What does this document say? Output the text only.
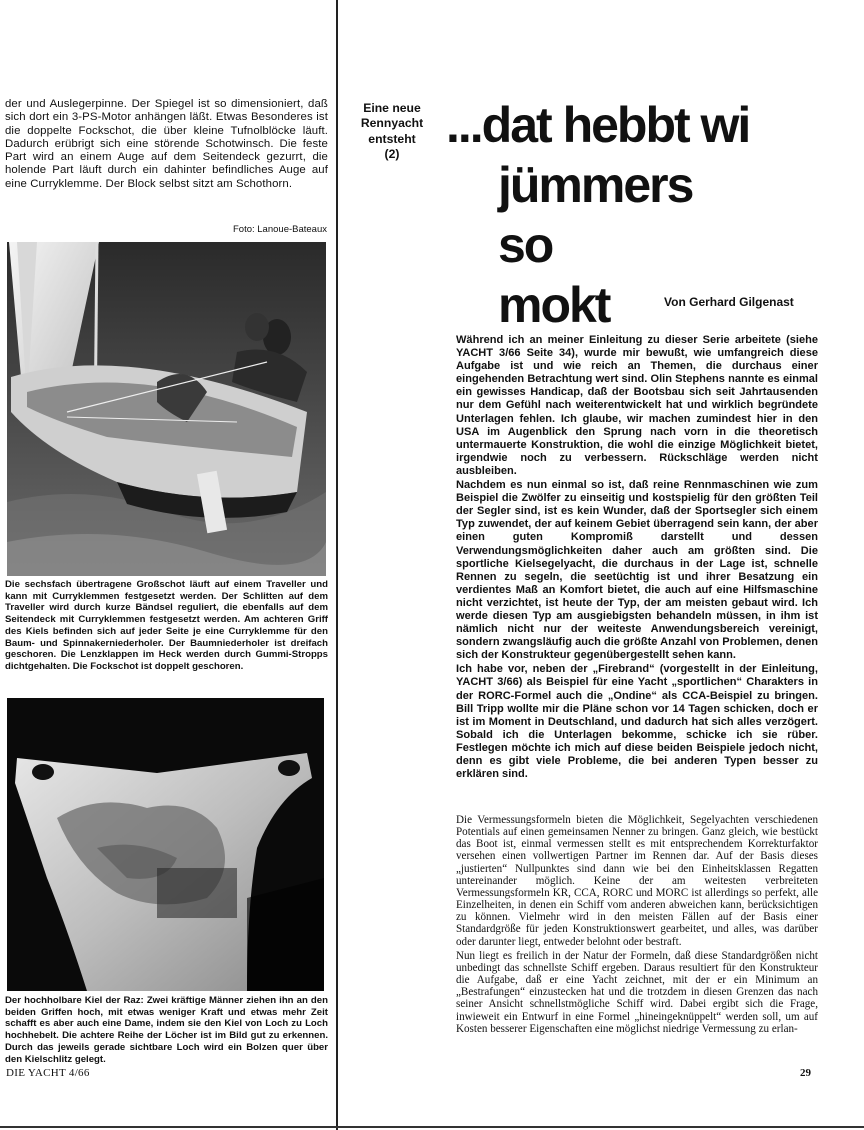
der und Auslegerpinne. Der Spiegel ist so dimensioniert, daß sich dort ein 3-PS-Motor anhängen läßt. Etwas Besonderes ist die doppelte Fockschot, die über kleine Tufnolblöcke läuft. Dadurch erübrigt sich eine störende Schotwinsch. Die feste Part wird an einem Auge auf dem Seitendeck gezurrt, die holende Part läuft durch ein dahinter befindliches Auge auf eine Curryklemme. Der Block selbst sitzt am Schothorn.
Foto: Lanoue-Bateaux
Die sechsfach übertragene Großschot läuft auf einem Traveller und kann mit Curryklemmen festgesetzt werden. Der Schlitten auf dem Traveller wird durch kurze Bändsel reguliert, die ebenfalls auf dem Seitendeck mit Curryklemmen festgesetzt werden. Am achteren Griff des Kiels befinden sich auf jeder Seite je eine Curryklemme für den Baum- und Spinnakerniederholer. Der Baumniederholer ist dreifach geschoren. Die Lenzklappen im Heck werden durch Gummi-Stropps dichtgehalten. Die Fockschot ist doppelt geschoren.
Der hochholbare Kiel der Raz: Zwei kräftige Männer ziehen ihn an den beiden Griffen hoch, mit etwas weniger Kraft und etwas mehr Zeit schafft es aber auch eine Dame, indem sie den Kiel von Loch zu Loch hochhebelt. Die achtere Reihe der Löcher ist im Bild gut zu erkennen. Durch das jeweils gerade sichtbare Loch wird ein Bolzen quer über den Kielschlitz gelegt.
DIE YACHT 4/66	29
Eine neue
Rennyacht
entsteht
(2)
...dat hebbt wi
jümmers
so
mokt	Von Gerhard Gilgenast

Während ich an meiner Einleitung zu dieser Serie arbeitete (siehe YACHT 3/66 Seite 34), wurde mir bewußt, wie umfangreich diese Aufgabe ist und wie reich an Themen, die durchaus einer eingehenden Betrachtung wert sind. Olin Stephens nannte es einmal ein gewisses Handicap, daß der Bootsbau sich seit Jahrtausenden nur dem Gefühl nach weiterentwickelt hat und wirklich begründete Unterlagen fehlen. Ich glaube, wir machen zumindest hier in den USA im Augenblick den Sprung nach vorn in die theoretisch untermauerte Konstruktion, die wohl die einzige Möglichkeit bietet, irgendwie noch zu verbessern. Rückschläge werden nicht ausbleiben.

Nachdem es nun einmal so ist, daß reine Rennmaschinen wie zum Beispiel die Zwölfer zu einseitig und kostspielig für den größten Teil der Segler sind, ist es kein Wunder, daß der Sportsegler sich einem Typ zuwendet, der auf keinem Gebiet überragend sein kann, der aber einen guten Kompromiß darstellt und dessen Verwendungsmöglichkeiten daher auch am größten sind. Die sportliche Kielsegelyacht, die durchaus in der Lage ist, schnelle Rennen zu segeln, die seetüchtig ist und ihrer Besatzung ein verdientes Maß an Komfort bietet, die auch auf eine Hilfsmaschine nicht verzichtet, ist heute der Typ, der am meisten gebaut wird. Ich werde diesen Typ am ausgiebigsten behandeln müssen, in ihm ist nämlich nicht nur der weiteste Anwendungsbereich vereinigt, sondern zwangsläufig auch die größte Anzahl von Problemen, denen sich der Konstrukteur gegenübergestellt sehen kann.

Ich habe vor, neben der „Firebrand“ (vorgestellt in der Einleitung, YACHT 3/66) als Beispiel für eine Yacht „sportlichen“ Charakters in der RORC-Formel auch die „Ondine“ als CCA-Beispiel zu bringen. Bill Tripp wollte mir die Pläne schon vor 14 Tagen schicken, doch er ist im Moment in Deutschland, und dadurch hat sich alles verzögert. Sobald ich die Unterlagen bekomme, schicke ich sie rüber. Festlegen möchte ich mich auf diese beiden Beispiele jedoch nicht, denn es gibt viele Probleme, die bei anderen Typen besser zu erklären sind.

Die Vermessungsformeln bieten die Möglichkeit, Segelyachten verschiedenen Potentials auf einen gemeinsamen Nenner zu bringen. Ganz gleich, wie bestückt das Boot ist, einmal vermessen stellt es mit entsprechendem Korrekturfaktor versehen einen vollwertigen Partner im Rennen dar. Auf der Basis dieses „justierten“ Nullpunktes sind dann wie bei den Einheitsklassen Regatten untereinander möglich. Keine der am weitesten verbreiteten Vermessungsformeln KR, CCA, RORC und MORC ist allerdings so perfekt, alle Einzelheiten, in denen ein Schiff vom anderen abweichen kann, berücksichtigen zu können. Vielmehr wird in den meisten Fällen auf der Basis einer Standardgröße für jeden Konstruktionswert gearbeitet, und alles, was darüber oder darunter liegt, entweder belohnt oder bestraft.

Nun liegt es freilich in der Natur der Formeln, daß diese Standardgrößen nicht unbedingt das schnellste Schiff ergeben. Daraus resultiert für den Konstrukteur die Aufgabe, daß er eine Yacht zeichnet, mit der er ein Minimum an „Bestrafungen“ einzustecken hat und die trotzdem in diesen Grenzen das nach seiner Ansicht schnellstmögliche Schiff wird. Dabei ergibt sich die Frage, inwieweit ein Entwurf in eine Formel „hineingeknüppelt“ werden soll, um auf Kosten besserer Eigenschaften eine möglichst niedrige Vermessung zu erlan-
